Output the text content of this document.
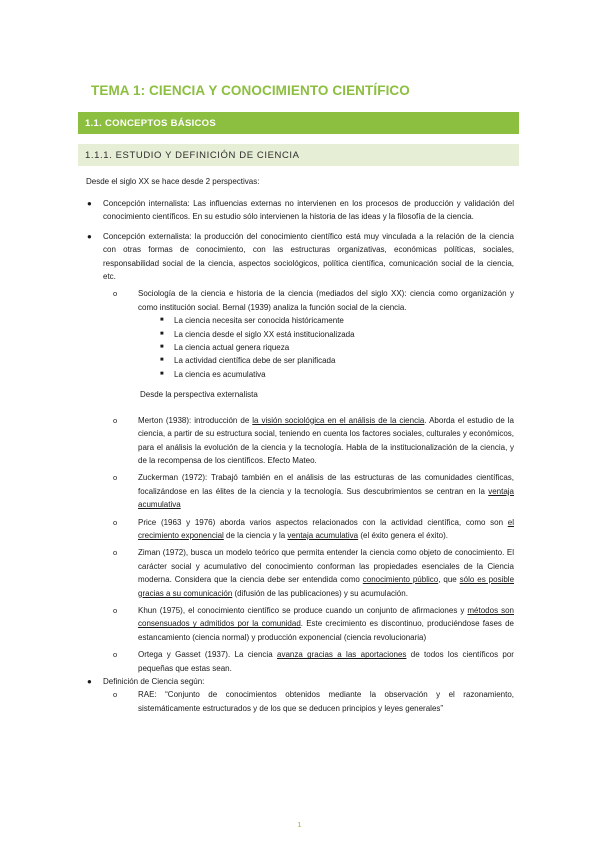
TEMA 1: CIENCIA Y CONOCIMIENTO CIENTÍFICO
1.1. CONCEPTOS BÁSICOS
1.1.1. ESTUDIO Y DEFINICIÓN DE CIENCIA
Desde el siglo XX se hace desde 2 perspectivas:
● Concepción internalista: Las influencias externas no intervienen en los procesos de producción y validación del conocimiento científicos. En su estudio sólo intervienen la historia de las ideas y la filosofía de la ciencia.
● Concepción externalista: la producción del conocimiento científico está muy vinculada a la relación de la ciencia con otras formas de conocimiento, con las estructuras organizativas, económicas políticas, sociales, responsabilidad social de la ciencia, aspectos sociológicos, política científica, comunicación social de la ciencia, etc.
o	Sociología de la ciencia e historia de la ciencia (mediados del siglo XX): ciencia como organización y como institución social. Bernal (1939) analiza la función social de la ciencia.
■ La ciencia necesita ser conocida históricamente
■ La ciencia desde el siglo XX está institucionalizada
■ La ciencia actual genera riqueza
■ La actividad científica debe de ser planificada
■ La ciencia es acumulativa
Desde la perspectiva externalista
o	Merton (1938): introducción de la visión sociológica en el análisis de la ciencia. Aborda el estudio de la ciencia, a partir de su estructura social, teniendo en cuenta los factores sociales, culturales y económicos, para el análisis la evolución de la ciencia y la tecnología. Habla de la institucionalización de la ciencia, y de la recompensa de los científicos. Efecto Mateo.
o	Zuckerman (1972): Trabajó también en el análisis de las estructuras de las comunidades científicas, focalizándose en las élites de la ciencia y la tecnología. Sus descubrimientos se centran en la ventaja acumulativa
o	Price (1963 y 1976) aborda varios aspectos relacionados con la actividad científica, como son el crecimiento exponencial de la ciencia y la ventaja acumulativa (el éxito genera el éxito).
o	Ziman (1972), busca un modelo teórico que permita entender la ciencia como objeto de conocimiento. El carácter social y acumulativo del conocimiento conforman las propiedades esenciales de la Ciencia moderna. Considera que la ciencia debe ser entendida como conocimiento público, que sólo es posible gracias a su comunicación (difusión de las publicaciones) y su acumulación.
o	Khun (1975), el conocimiento científico se produce cuando un conjunto de afirmaciones y métodos son consensuados y admitidos por la comunidad. Este crecimiento es discontinuo, produciéndose fases de estancamiento (ciencia normal) y producción exponencial (ciencia revolucionaria)
o	Ortega y Gasset (1937). La ciencia avanza gracias a las aportaciones de todos los científicos por pequeñas que estas sean.
● Definición de Ciencia según:
o	RAE: “Conjunto de conocimientos obtenidos mediante la observación y el razonamiento, sistemáticamente estructurados y de los que se deducen principios y leyes generales”
1
